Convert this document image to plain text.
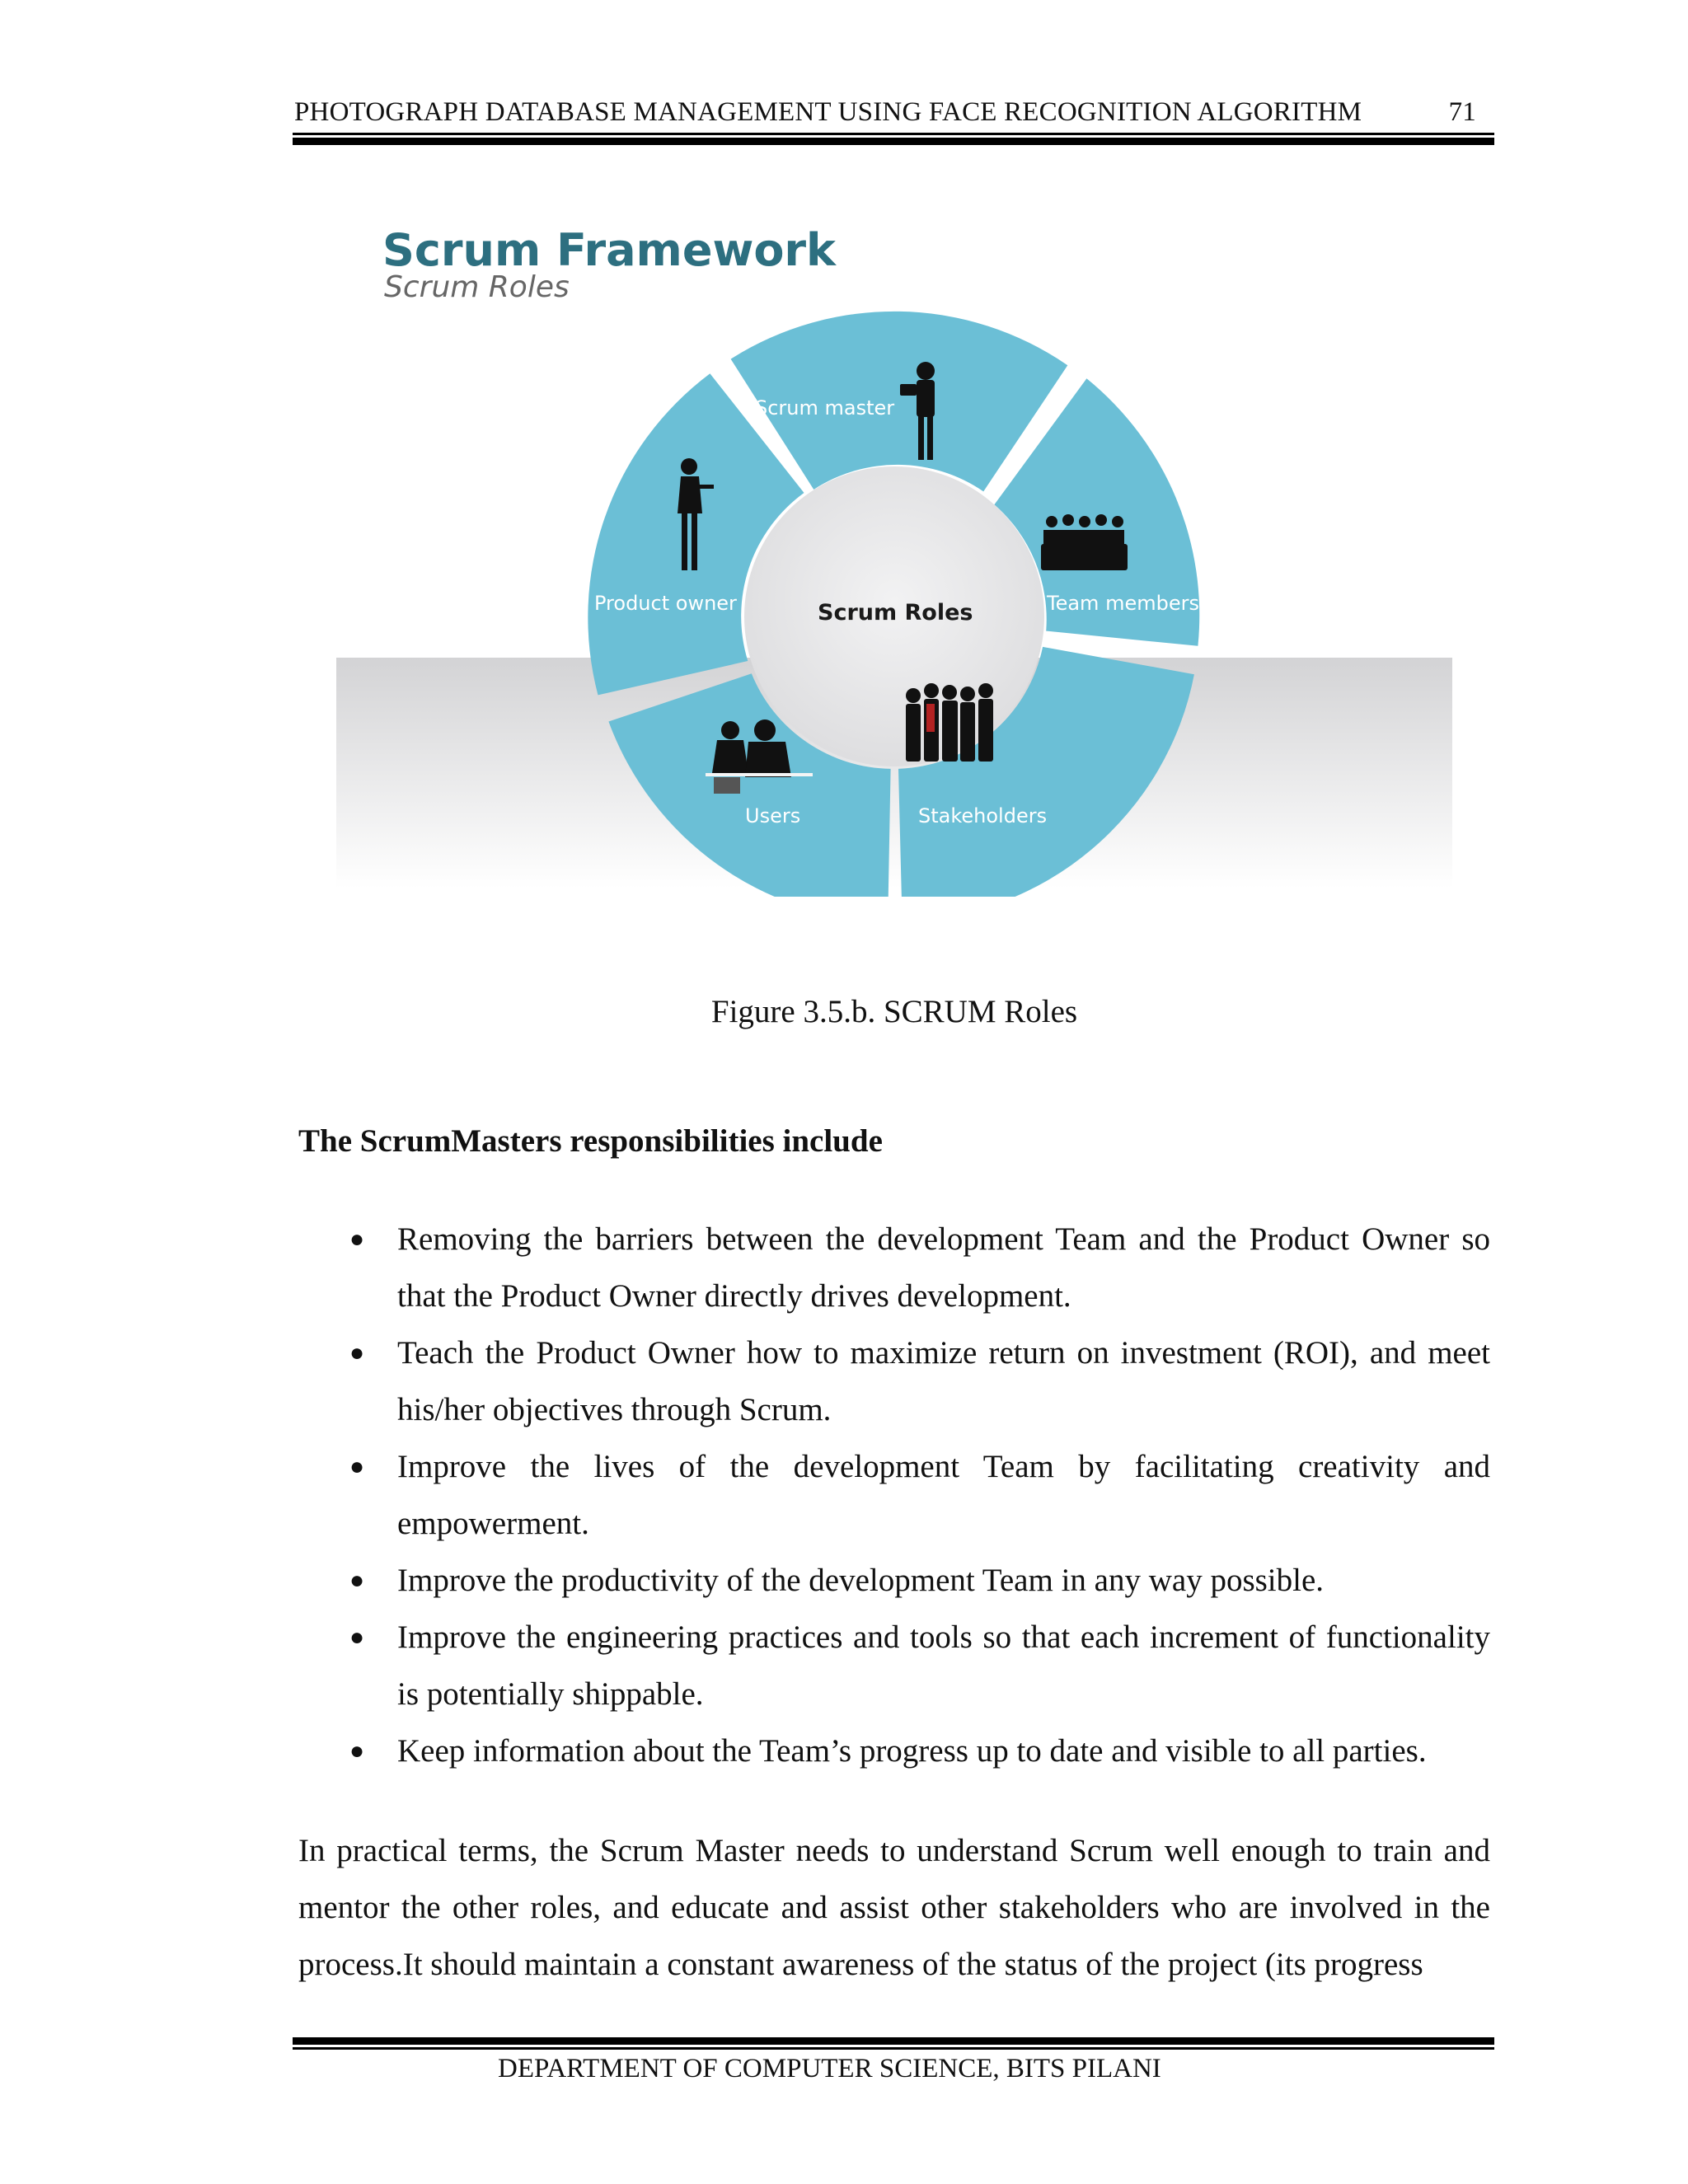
PHOTOGRAPH DATABASE MANAGEMENT USING FACE RECOGNITION ALGORITHM	71
Scrum Framework
Scrum Roles
Scrum Roles
Scrum master
Team members
Stakeholders
Users
Product owner
Figure 3.5.b. SCRUM Roles
The ScrumMasters responsibilities include
● Removing the barriers between the development Team and the Product Owner so that the Product Owner directly drives development.
● Teach the Product Owner how to maximize return on investment (ROI), and meet his/her objectives through Scrum.
● Improve the lives of the development Team by facilitating creativity and empowerment.
● Improve the productivity of the development Team in any way possible.
● Improve the engineering practices and tools so that each increment of functionality is potentially shippable.
● Keep information about the Team’s progress up to date and visible to all parties.
In practical terms, the Scrum Master needs to understand Scrum well enough to train and mentor the other roles, and educate and assist other stakeholders who are involved in the process.It should maintain a constant awareness of the status of the project (its progress
DEPARTMENT OF COMPUTER SCIENCE, BITS PILANI
